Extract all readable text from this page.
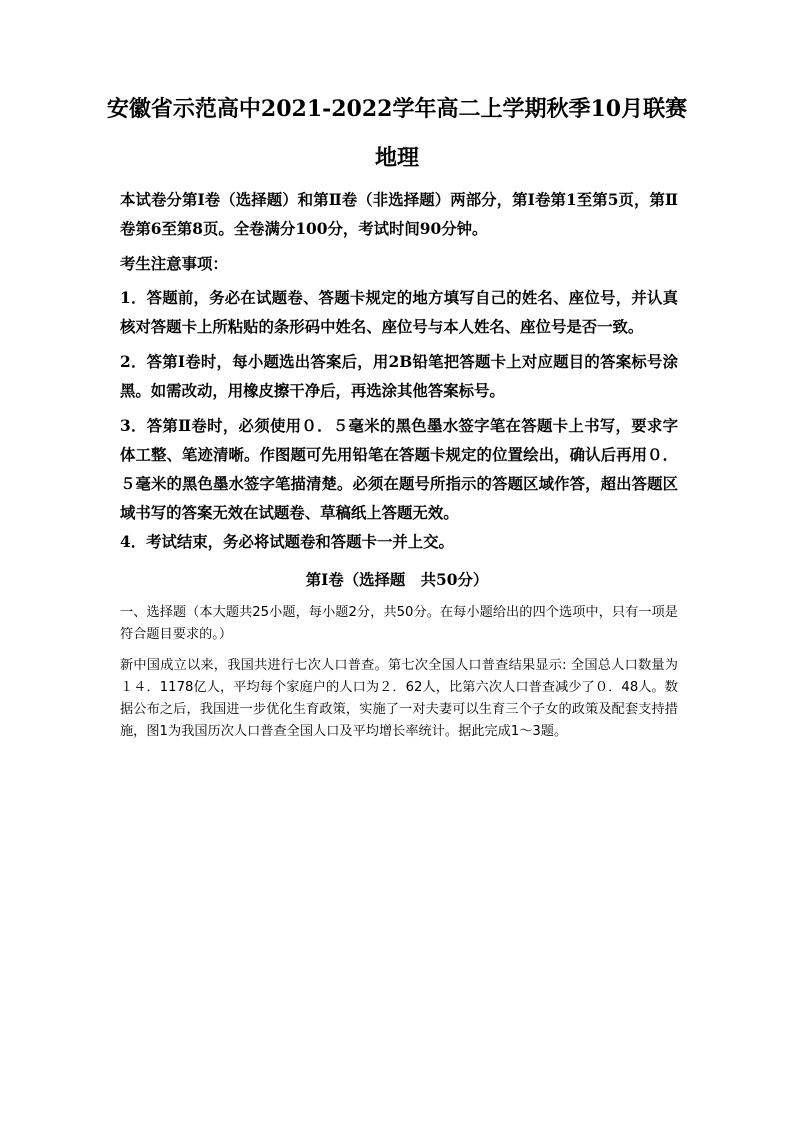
安徽省示范高中2021-2022学年高二上学期秋季10月联赛
地理

本试卷分第Ⅰ卷（选择题）和第Ⅱ卷（非选择题）两部分，第Ⅰ卷第1至第5页，第Ⅱ卷第6至第8页。全卷满分100分，考试时间90分钟。

考生注意事项：

1．答题前，务必在试题卷、答题卡规定的地方填写自己的姓名、座位号，并认真核对答题卡上所粘贴的条形码中姓名、座位号与本人姓名、座位号是否一致。

2．答第Ⅰ卷时，每小题选出答案后，用2B铅笔把答题卡上对应题目的答案标号涂黑。如需改动，用橡皮擦干净后，再选涂其他答案标号。

3．答第Ⅱ卷时，必须使用０．５毫米的黑色墨水签字笔在答题卡上书写，要求字体工整、笔迹清晰。作图题可先用铅笔在答题卡规定的位置绘出，确认后再用０．５毫米的黑色墨水签字笔描清楚。必须在题号所指示的答题区域作答，超出答题区域书写的答案无效在试题卷、草稿纸上答题无效。

4．考试结束，务必将试题卷和答题卡一并上交。

第Ⅰ卷（选择题　共50分）

一、选择题（本大题共25小题，每小题2分，共50分。在每小题给出的四个选项中，只有一项是符合题目要求的。）

新中国成立以来，我国共进行七次人口普查。第七次全国人口普查结果显示: 全国总人口数量为１４．1178亿人，平均每个家庭户的人口为２．62人，比第六次人口普查减少了０．48人。数据公布之后，我国进一步优化生育政策，实施了一对夫妻可以生育三个子女的政策及配套支持措施，图1为我国历次人口普查全国人口及平均增长率统计。据此完成1～3题。
